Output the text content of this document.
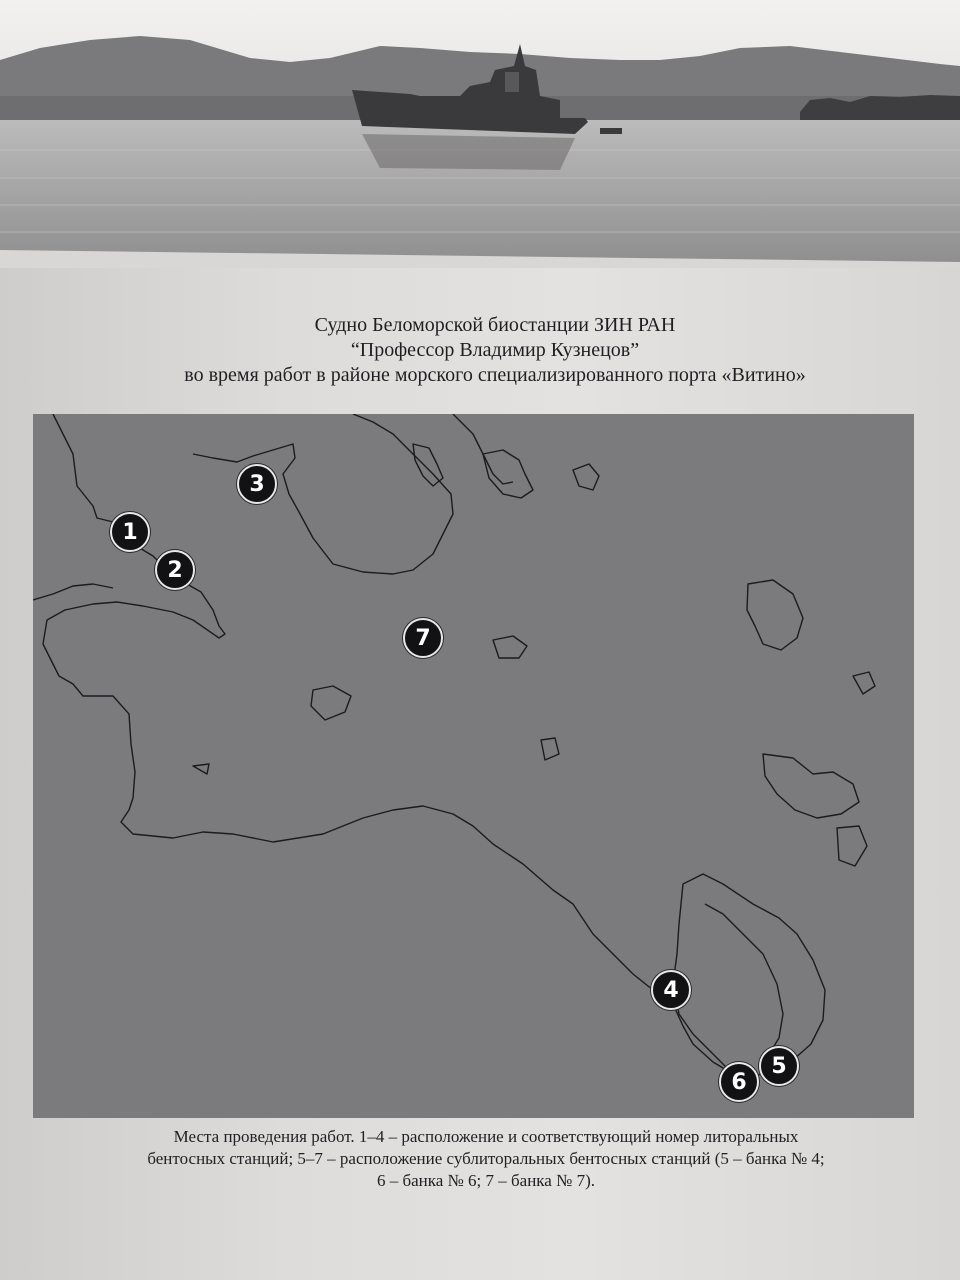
Судно Беломорской биостанции ЗИН РАН
“Профессор Владимир Кузнецов”
во время работ в районе морского специализированного порта «Витино»
1
2
3
4
5
6
7
Места проведения работ. 1–4 – расположение и соответствующий номер литоральных
бентосных станций; 5–7 – расположение сублиторальных бентосных станций (5 – банка № 4;
6 – банка № 6; 7 – банка № 7).
